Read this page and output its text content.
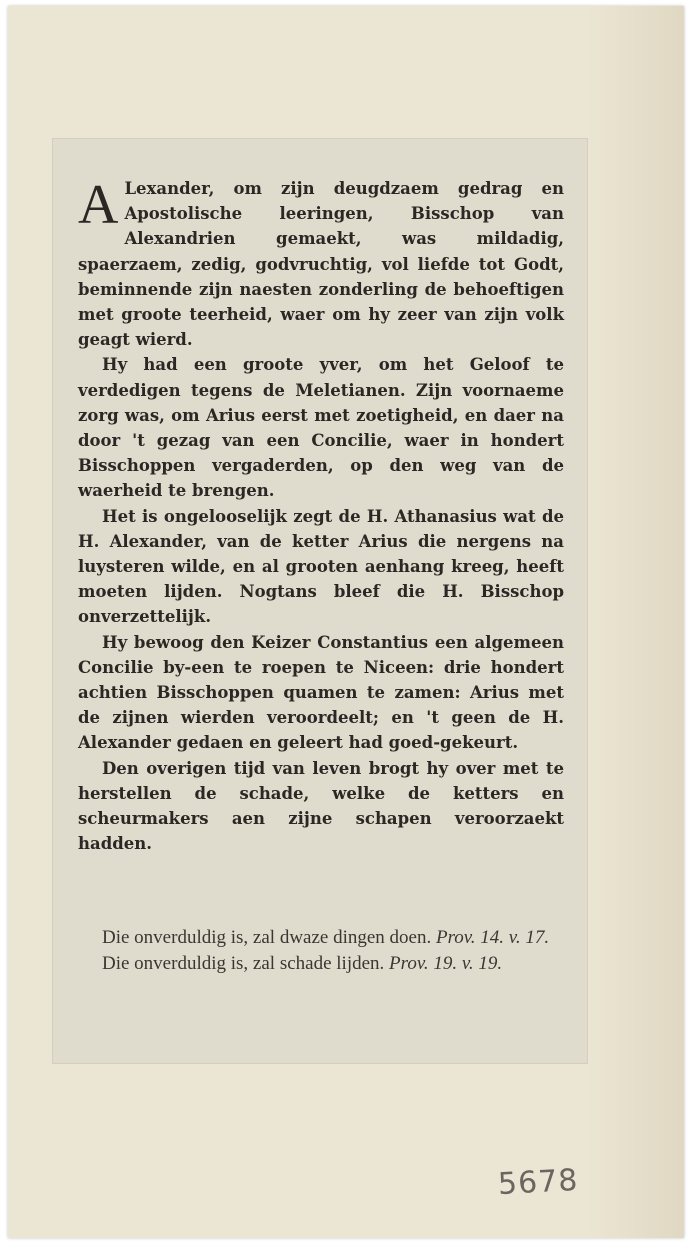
A Lexander, om zijn deugdzaem gedrag en Apostolische leeringen, Bisschop van Alexandrien gemaekt, was mildadig, spaerzaem, zedig, godvruchtig, vol liefde tot Godt, beminnende zijn naesten zonderling de behoeftigen met groote teerheid, waer om hy zeer van zijn volk geagt wierd.

Hy had een groote yver, om het Geloof te verdedigen tegens de Meletianen. Zijn voornaeme zorg was, om Arius eerst met zoetigheid, en daer na door 't gezag van een Concilie, waer in hondert Bisschoppen vergaderden, op den weg van de waerheid te brengen.

Het is ongelooselijk zegt de H. Athanasius wat de H. Alexander, van de ketter Arius die nergens na luysteren wilde, en al grooten aenhang kreeg, heeft moeten lijden. Nogtans bleef die H. Bisschop onverzettelijk.

Hy bewoog den Keizer Constantius een algemeen Concilie by-een te roepen te Niceen: drie hondert achtien Bisschoppen quamen te zamen: Arius met de zijnen wierden veroordeelt; en 't geen de H. Alexander gedaen en geleert had goed-gekeurt.

Den overigen tijd van leven brogt hy over met te herstellen de schade, welke de ketters en scheurmakers aen zijne schapen veroorzaekt hadden.

Die onverduldig is, zal dwaze dingen doen. Prov. 14. v. 17.

Die onverduldig is, zal schade lijden. Prov. 19. v. 19.

5678
